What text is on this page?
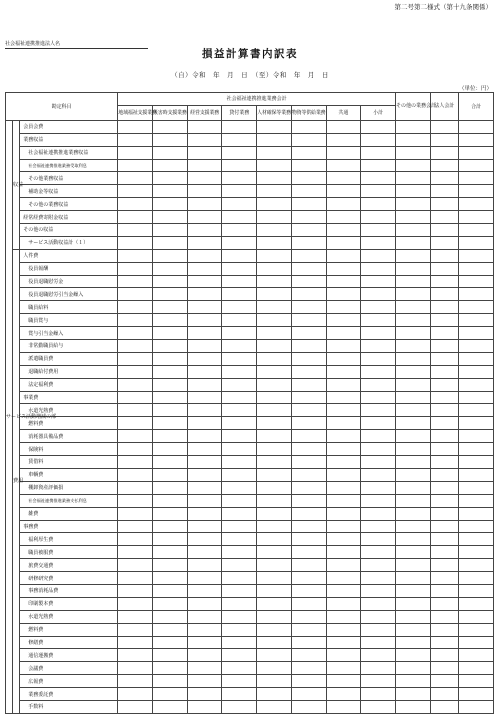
第二号第二様式（第十九条関係）
社会福祉連携推進法人名
損益計算書内訳表
（自）令和　年　月　日　（至）令和　年　月　日
（単位：円）
勘定科目			社会福祉連携推進業務会計								その他の業務会計	法人会計	合計
			地域福祉支援業務	災害時支援業務	経営支援業務	貸付業務	人材確保等業務	物資等供給業務	共通	小計			
サービス活動増減の部	収益	会員会費											
		業務収益											
		社会福祉連携推進業務収益											
		社会福祉連携推進業務受取利息											
		その他業務収益											
		補助金等収益											
		その他の業務収益											
		経常経費寄附金収益											
		その他の収益											
		サービス活動収益計（１）											
	費用	人件費											
		役員報酬											
		役員退職慰労金											
		役員退職慰労引当金繰入											
		職員給料											
		職員賞与											
		賞与引当金繰入											
		非常勤職員給与											
		派遣職員費											
		退職給付費用											
		法定福利費											
		事業費											
		水道光熱費											
		燃料費											
		消耗器具備品費											
		保険料											
		賃借料											
		車輌費											
		棚卸資産評価損											
		社会福祉連携推進業務支払利息											
		雑費											
		事務費											
		福利厚生費											
		職員被服費											
		旅費交通費											
		研修研究費											
		事務消耗品費											
		印刷製本費											
		水道光熱費											
		燃料費											
		修繕費											
		通信運搬費											
		会議費											
		広報費											
		業務委託費											
		手数料											
